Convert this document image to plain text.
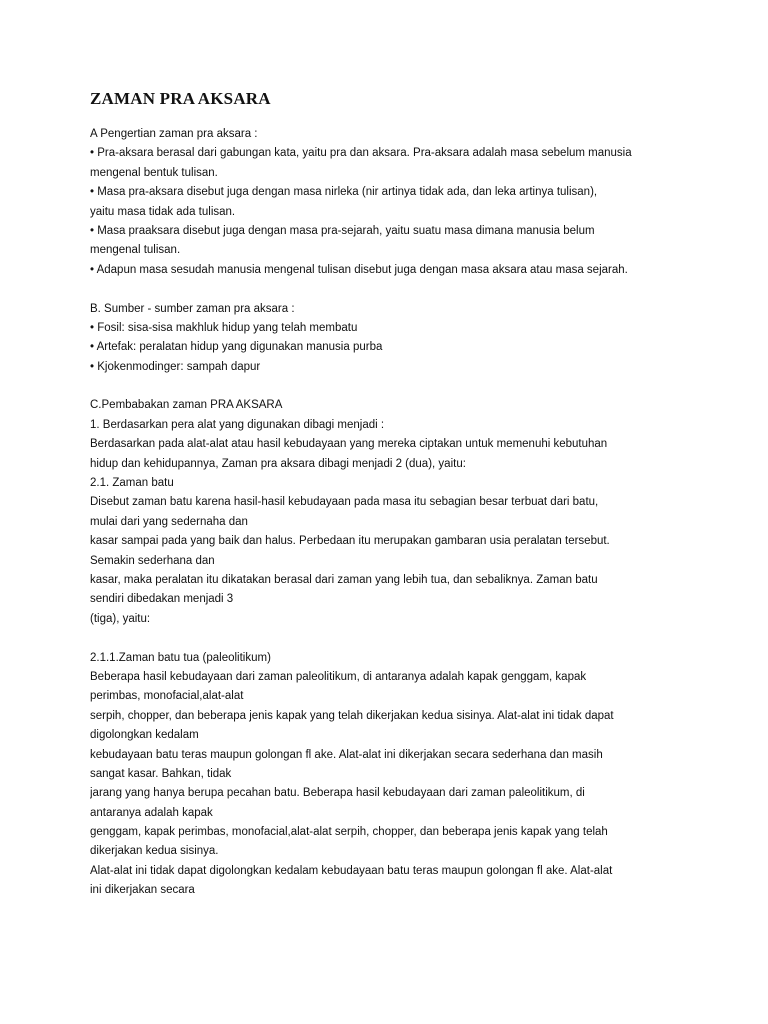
ZAMAN PRA AKSARA
A Pengertian zaman pra aksara :
• Pra-aksara berasal dari gabungan kata, yaitu pra dan aksara. Pra-aksara adalah masa sebelum manusia
mengenal bentuk tulisan.
• Masa pra-aksara disebut juga dengan masa nirleka (nir artinya tidak ada, dan leka artinya tulisan),
yaitu masa tidak ada tulisan.
• Masa praaksara disebut juga dengan masa pra-sejarah, yaitu suatu masa dimana manusia belum
mengenal tulisan.
• Adapun masa sesudah manusia mengenal tulisan disebut juga dengan masa aksara atau masa sejarah.
B. Sumber - sumber zaman pra aksara :
• Fosil: sisa-sisa makhluk hidup yang telah membatu
• Artefak: peralatan hidup yang digunakan manusia purba
• Kjokenmodinger: sampah dapur
C.Pembabakan zaman PRA AKSARA
1. Berdasarkan pera alat yang digunakan dibagi menjadi :
Berdasarkan pada alat-alat atau hasil kebudayaan yang mereka ciptakan untuk memenuhi kebutuhan
hidup dan kehidupannya, Zaman pra aksara dibagi menjadi 2 (dua), yaitu:
2.1. Zaman batu
Disebut zaman batu karena hasil-hasil kebudayaan pada masa itu sebagian besar terbuat dari batu,
mulai dari yang sedernaha dan
kasar sampai pada yang baik dan halus. Perbedaan itu merupakan gambaran usia peralatan tersebut.
Semakin sederhana dan
kasar, maka peralatan itu dikatakan berasal dari zaman yang lebih tua, dan sebaliknya. Zaman batu
sendiri dibedakan menjadi 3
(tiga), yaitu:
2.1.1.Zaman batu tua (paleolitikum)
Beberapa hasil kebudayaan dari zaman paleolitikum, di antaranya adalah kapak genggam, kapak
perimbas, monofacial,alat-alat
serpih, chopper, dan beberapa jenis kapak yang telah dikerjakan kedua sisinya. Alat-alat ini tidak dapat
digolongkan kedalam
kebudayaan batu teras maupun golongan fl ake. Alat-alat ini dikerjakan secara sederhana dan masih
sangat kasar. Bahkan, tidak
jarang yang hanya berupa pecahan batu. Beberapa hasil kebudayaan dari zaman paleolitikum, di
antaranya adalah kapak
genggam, kapak perimbas, monofacial,alat-alat serpih, chopper, dan beberapa jenis kapak yang telah
dikerjakan kedua sisinya.
Alat-alat ini tidak dapat digolongkan kedalam kebudayaan batu teras maupun golongan fl ake. Alat-alat
ini dikerjakan secara
